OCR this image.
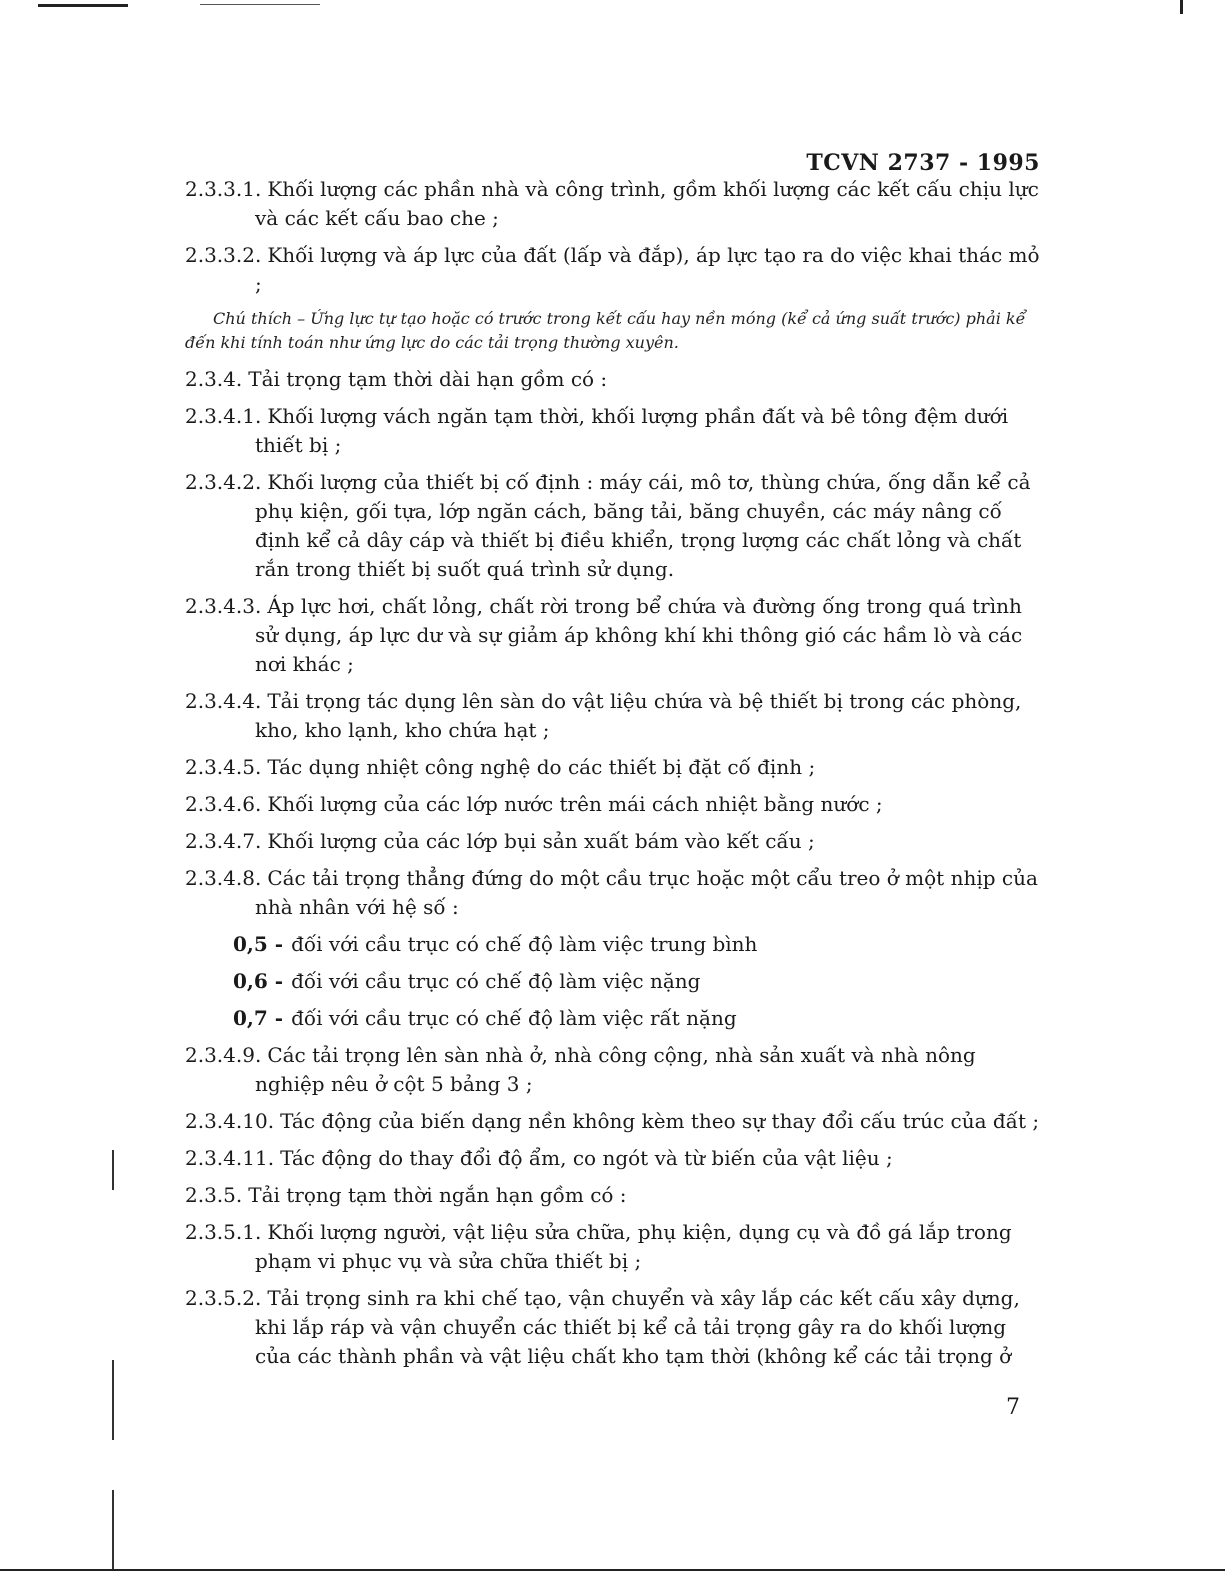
TCVN 2737 - 1995
2.3.3.1. Khối lượng các phần nhà và công trình, gồm khối lượng các kết cấu chịu lực và các kết cấu bao che ;
2.3.3.2. Khối lượng và áp lực của đất (lấp và đắp), áp lực tạo ra do việc khai thác mỏ ;
Chú thích – Ứng lực tự tạo hoặc có trước trong kết cấu hay nền móng (kể cả ứng suất trước) phải kể đến khi tính toán như ứng lực do các tải trọng thường xuyên.
2.3.4. Tải trọng tạm thời dài hạn gồm có :
2.3.4.1. Khối lượng vách ngăn tạm thời, khối lượng phần đất và bê tông đệm dưới thiết bị ;
2.3.4.2. Khối lượng của thiết bị cố định : máy cái, mô tơ, thùng chứa, ống dẫn kể cả phụ kiện, gối tựa, lớp ngăn cách, băng tải, băng chuyền, các máy nâng cố định kể cả dây cáp và thiết bị điều khiển, trọng lượng các chất lỏng và chất rắn trong thiết bị suốt quá trình sử dụng.
2.3.4.3. Áp lực hơi, chất lỏng, chất rời trong bể chứa và đường ống trong quá trình sử dụng, áp lực dư và sự giảm áp không khí khi thông gió các hầm lò và các nơi khác ;
2.3.4.4. Tải trọng tác dụng lên sàn do vật liệu chứa và bệ thiết bị trong các phòng, kho, kho lạnh, kho chứa hạt ;
2.3.4.5. Tác dụng nhiệt công nghệ do các thiết bị đặt cố định ;
2.3.4.6. Khối lượng của các lớp nước trên mái cách nhiệt bằng nước ;
2.3.4.7. Khối lượng của các lớp bụi sản xuất bám vào kết cấu ;
2.3.4.8. Các tải trọng thẳng đứng do một cầu trục hoặc một cẩu treo ở một nhịp của nhà nhân với hệ số :
0,5 - đối với cầu trục có chế độ làm việc trung bình
0,6 - đối với cầu trục có chế độ làm việc nặng
0,7 - đối với cầu trục có chế độ làm việc rất nặng
2.3.4.9. Các tải trọng lên sàn nhà ở, nhà công cộng, nhà sản xuất và nhà nông nghiệp nêu ở cột 5 bảng 3 ;
2.3.4.10. Tác động của biến dạng nền không kèm theo sự thay đổi cấu trúc của đất ;
2.3.4.11. Tác động do thay đổi độ ẩm, co ngót và từ biến của vật liệu ;
2.3.5. Tải trọng tạm thời ngắn hạn gồm có :
2.3.5.1. Khối lượng người, vật liệu sửa chữa, phụ kiện, dụng cụ và đồ gá lắp trong phạm vi phục vụ và sửa chữa thiết bị ;
2.3.5.2. Tải trọng sinh ra khi chế tạo, vận chuyển và xây lắp các kết cấu xây dựng, khi lắp ráp và vận chuyển các thiết bị kể cả tải trọng gây ra do khối lượng của các thành phần và vật liệu chất kho tạm thời (không kể các tải trọng ở
7
